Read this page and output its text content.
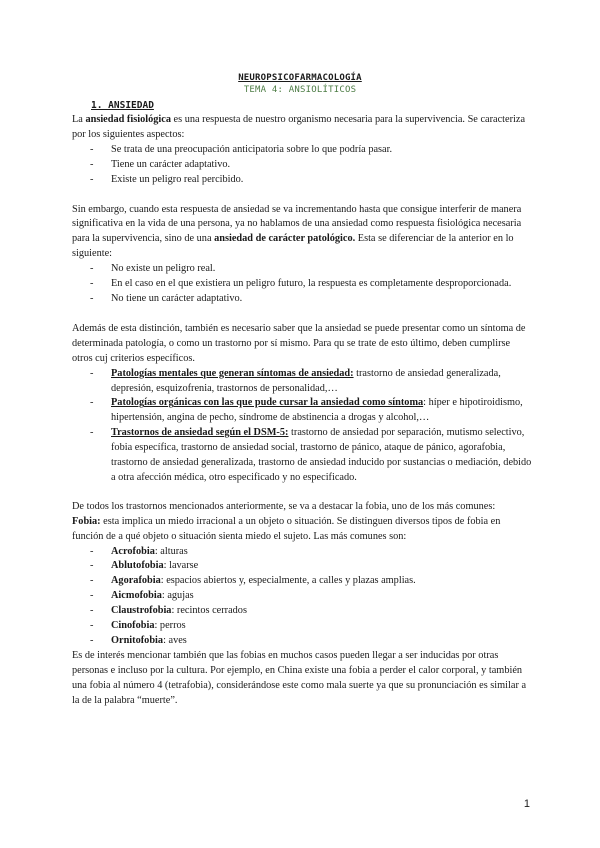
NEUROPSICOFARMACOLOGÍA
TEMA 4: ANSIOLÍTICOS
1. ANSIEDAD

La ansiedad fisiológica es una respuesta de nuestro organismo necesaria para la supervivencia. Se caracteriza por los siguientes aspectos:

- Se trata de una preocupación anticipatoria sobre lo que podría pasar.
- Tiene un carácter adaptativo.
- Existe un peligro real percibido.

Sin embargo, cuando esta respuesta de ansiedad se va incrementando hasta que consigue interferir de manera significativa en la vida de una persona, ya no hablamos de una ansiedad como respuesta fisiológica necesaria para la supervivencia, sino de una ansiedad de carácter patológico. Esta se diferenciar de la anterior en lo siguiente:

- No existe un peligro real.
- En el caso en el que existiera un peligro futuro, la respuesta es completamente desproporcionada.
- No tiene un carácter adaptativo.

Además de esta distinción, también es necesario saber que la ansiedad se puede presentar como un síntoma de determinada patología, o como un trastorno por sí mismo. Para qu se trate de esto último, deben cumplirse otros cuj criterios específicos.

- Patologías mentales que generan síntomas de ansiedad: trastorno de ansiedad generalizada, depresión, esquizofrenia, trastornos de personalidad,…
- Patologías orgánicas con las que pude cursar la ansiedad como síntoma: híper e hipotiroidismo, hipertensión, angina de pecho, síndrome de abstinencia a drogas y alcohol,…
- Trastornos de ansiedad según el DSM-5: trastorno de ansiedad por separación, mutismo selectivo, fobia específica, trastorno de ansiedad social, trastorno de pánico, ataque de pánico, agorafobia, trastorno de ansiedad generalizada, trastorno de ansiedad inducido por sustancias o mediación, debido a otra afección médica, otro especificado y no especificado.

De todos los trastornos mencionados anteriormente, se va a destacar la fobia, uno de los más comunes:

Fobia: esta implica un miedo irracional a un objeto o situación. Se distinguen diversos tipos de fobia en función de a qué objeto o situación sienta miedo el sujeto. Las más comunes son:

- Acrofobia: alturas
- Ablutofobia: lavarse
- Agorafobia: espacios abiertos y, especialmente, a calles y plazas amplias.
- Aicmofobia: agujas
- Claustrofobia: recintos cerrados
- Cinofobia: perros
- Ornitofobia: aves

Es de interés mencionar también que las fobias en muchos casos pueden llegar a ser inducidas por otras personas e incluso por la cultura. Por ejemplo, en China existe una fobia a perder el calor corporal, y también una fobia al número 4 (tetrafobia), considerándose este como mala suerte ya que su pronunciación es similar a la de la palabra “muerte”.

1
